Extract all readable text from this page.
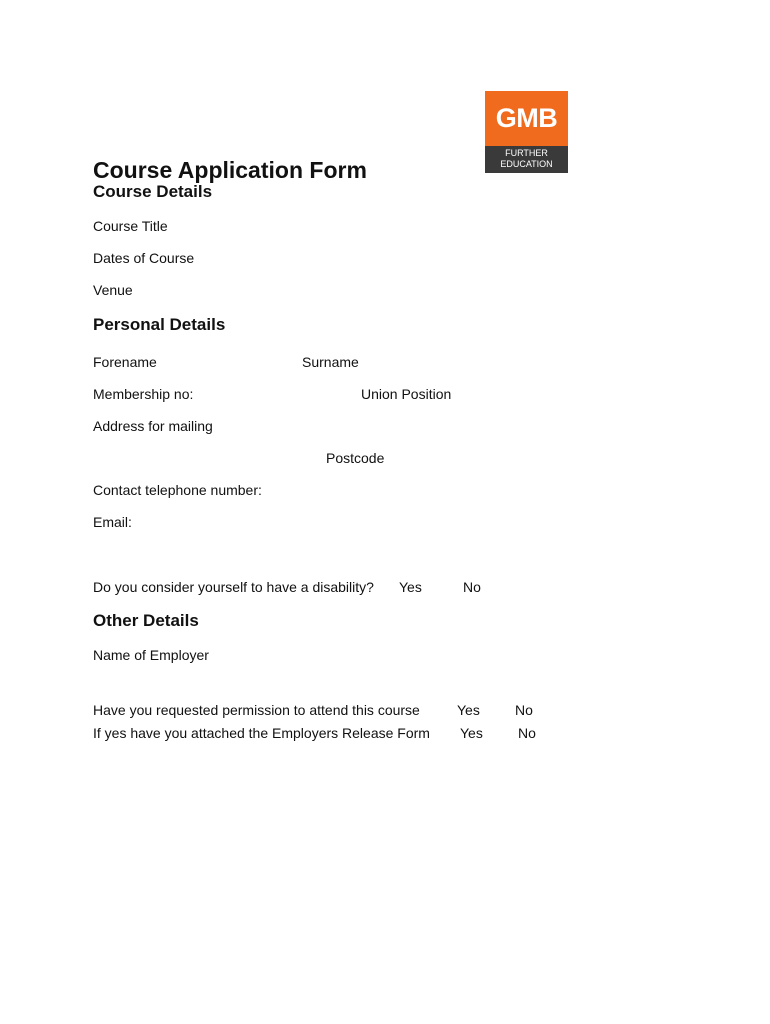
GMB
FURTHER
EDUCATION
Course Application Form
Course Details
Course Title
Dates of Course
Venue
Personal Details
Forename	Surname
Membership no:	Union Position
Address for mailing
Postcode
Contact telephone number:
Email:
Do you consider yourself to have a disability? Yes	No
Other Details
Name of Employer
Have you requested permission to attend this course	Yes	No
If yes have you attached the Employers Release Form Yes	No
